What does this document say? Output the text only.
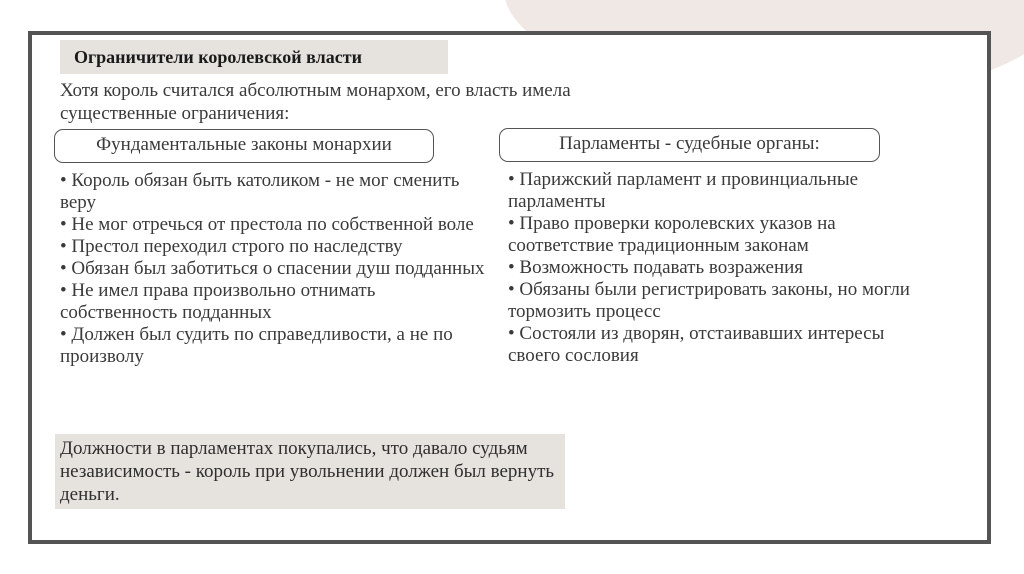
Ограничители королевской власти
Хотя король считался абсолютным монархом, его власть имела существенные ограничения:
Фундаментальные законы монархии	Парламенты - судебные органы:
• Король обязан быть католиком - не мог сменить веру
• Не мог отречься от престола по собственной воле
• Престол переходил строго по наследству
• Обязан был заботиться о спасении душ подданных
• Не имел права произвольно отнимать собственность подданных
• Должен был судить по справедливости, а не по произволу
• Парижский парламент и провинциальные парламенты
• Право проверки королевских указов на соответствие традиционным законам
• Возможность подавать возражения
• Обязаны были регистрировать законы, но могли тормозить процесс
• Состояли из дворян, отстаивавших интересы своего сословия
Должности в парламентах покупались, что давало судьям независимость - король при увольнении должен был вернуть деньги.
